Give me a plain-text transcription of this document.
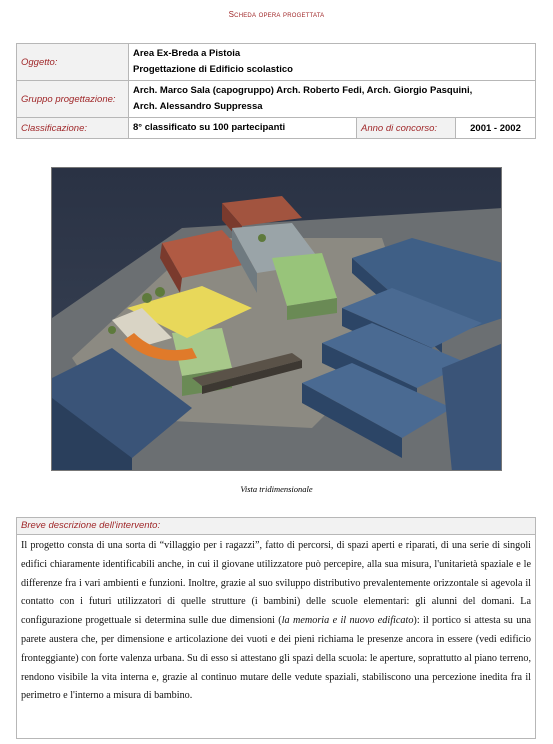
Scheda opera progettata
Oggetto:	Area Ex-Breda a Pistoia
Progettazione di Edificio scolastico		

Gruppo progettazione:	Arch. Marco Sala (capogruppo) Arch. Roberto Fedi, Arch. Giorgio Pasquini,
Arch. Alessandro Suppressa		

Classificazione:	8° classificato su 100 partecipanti	Anno di concorso:	2001 - 2002
Vista tridimensionale
Breve descrizione dell'intervento:
Il progetto consta di una sorta di “villaggio per i ragazzi”, fatto di percorsi, di spazi aperti e riparati, di una serie di singoli edifici chiaramente identificabili anche, in cui il giovane utilizzatore può percepire, alla sua misura, l'unitarietà spaziale e le differenze fra i vari ambienti e funzioni. Inoltre, grazie al suo sviluppo distributivo prevalentemente orizzontale si agevola il contatto con i futuri utilizzatori di quelle strutture (i bambini) delle scuole elementari: gli alunni del domani. La configurazione progettuale si determina sulle due dimensioni (la memoria e il nuovo edificato): il portico si attesta su una parete austera che, per dimensione e articolazione dei vuoti e dei pieni richiama le presenze ancora in essere (vedi edificio fronteggiante) con forte valenza urbana. Su di esso si attestano gli spazi della scuola: le aperture, soprattutto al piano terreno, rendono visibile la vita interna e, grazie al continuo mutare delle vedute spaziali, stabiliscono una percezione inedita fra il perimetro e l'interno a misura di bambino.
